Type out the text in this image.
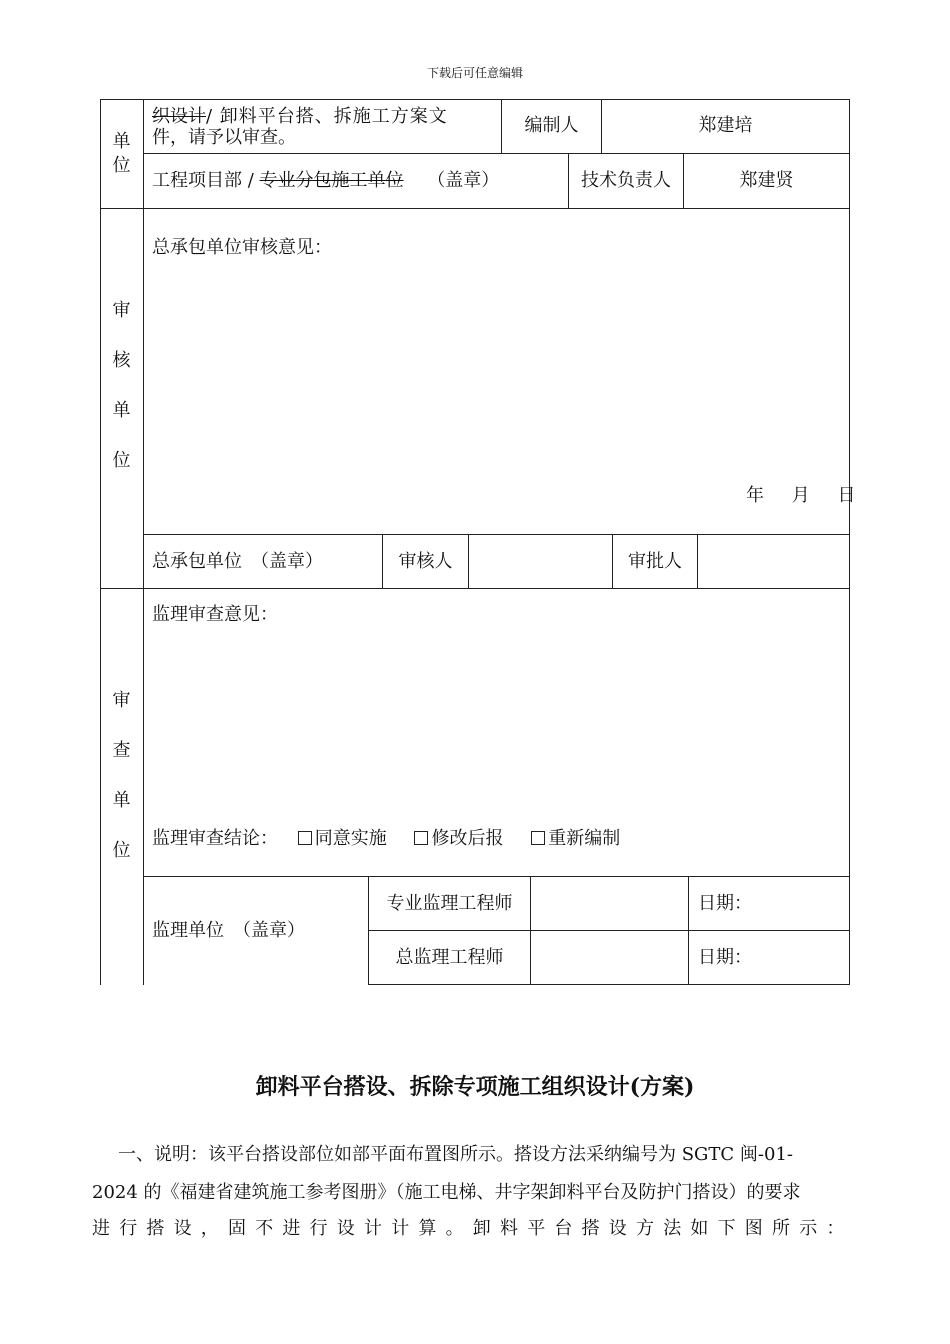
下载后可任意编辑
单
位
织设计/ 卸料平台搭、拆施工方案文
件，请予以审查。
编制人	郑建培
工程项目部 / 专业分包施工单位 （盖章）	技术负责人	郑建贤
审
核
单
位
总承包单位审核意见：
年 月 日
总承包单位　（盖章）	审核人	审批人
审
查
单
位
监理审查意见：
监理审查结论： 同意实施 修改后报 重新编制
监理单位　（盖章）
专业监理工程师	日期：
总监理工程师	日期：
卸料平台搭设、拆除专项施工组织设计(方案)
一、说明：该平台搭设部位如部平面布置图所示。搭设方法采纳编号为 SGTC 闽-01-
2024 的《福建省建筑施工参考图册》（施工电梯、井字架卸料平台及防护门搭设）的要求
进行搭设，固不进行设计计算。卸料平台搭设方法如下图所示：
